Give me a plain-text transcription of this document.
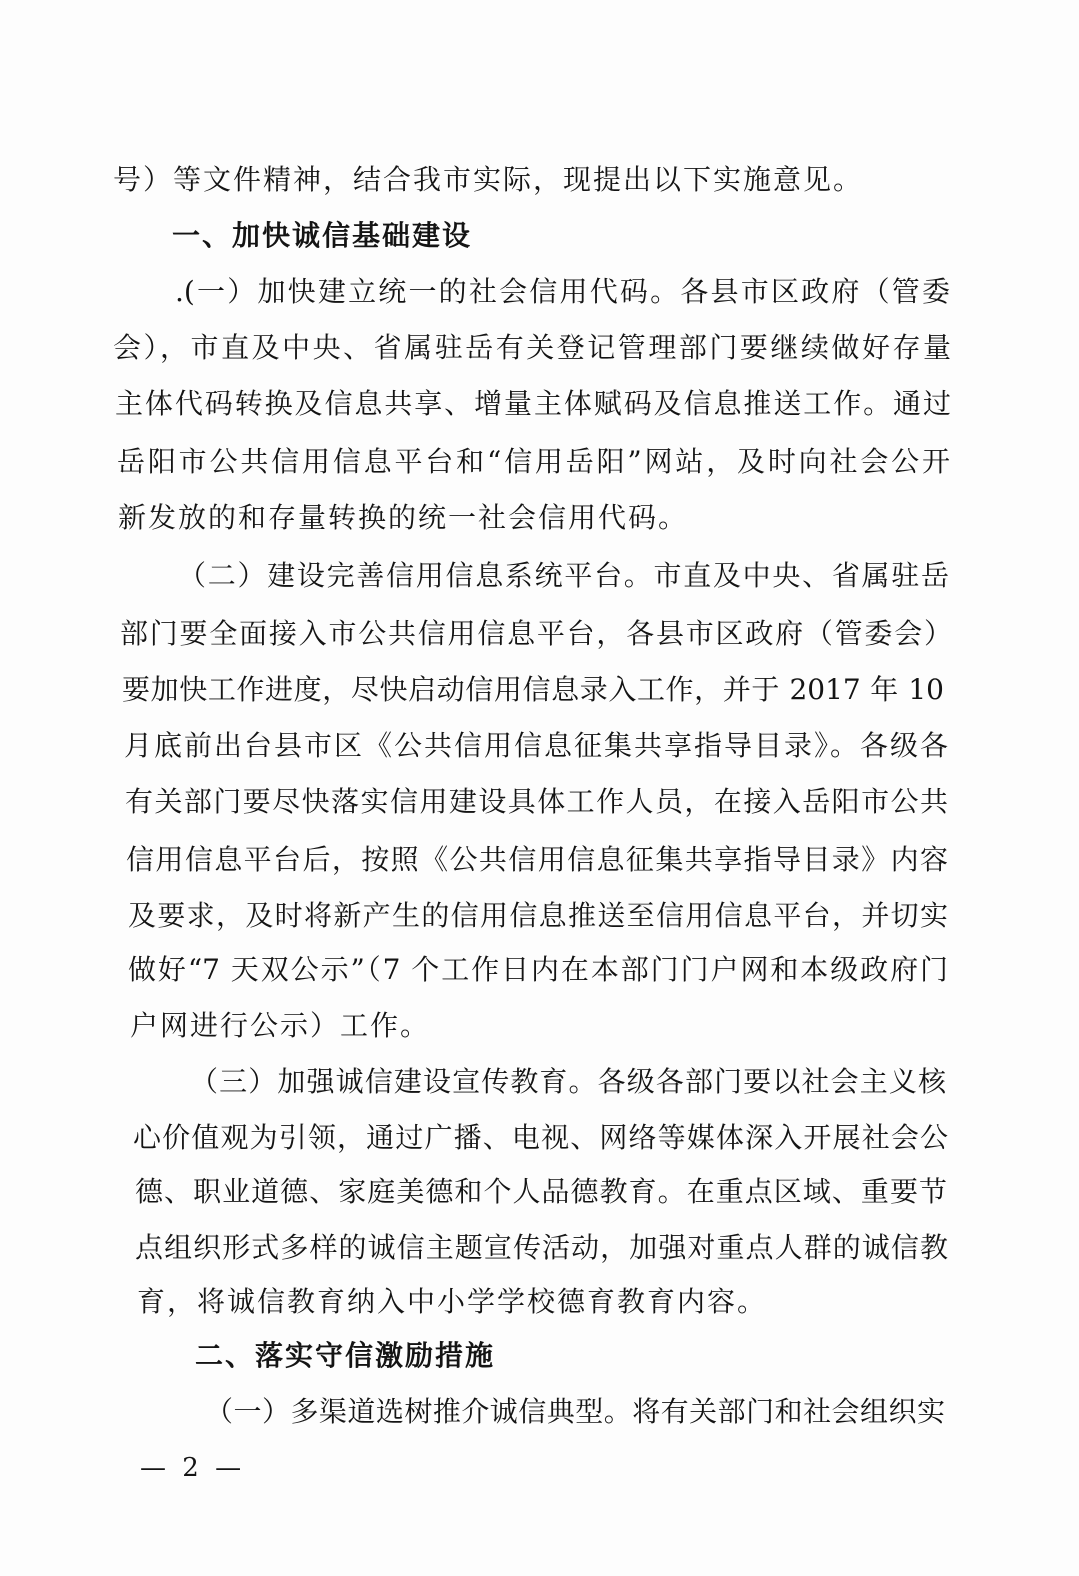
号）等文件精神，结合我市实际，现提出以下实施意见。
一、加快诚信基础建设
.(一）加快建立统一的社会信用代码。各县市区政府（管委
会），市直及中央、省属驻岳有关登记管理部门要继续做好存量
主体代码转换及信息共享、增量主体赋码及信息推送工作。通过
岳阳市公共信用信息平台和“信用岳阳”网站，及时向社会公开
新发放的和存量转换的统一社会信用代码。
（二）建设完善信用信息系统平台。市直及中央、省属驻岳
部门要全面接入市公共信用信息平台，各县市区政府（管委会）
要加快工作进度，尽快启动信用信息录入工作，并于 2017 年 10
月底前出台县市区《公共信用信息征集共享指导目录》。各级各
有关部门要尽快落实信用建设具体工作人员，在接入岳阳市公共
信用信息平台后，按照《公共信用信息征集共享指导目录》内容
及要求，及时将新产生的信用信息推送至信用信息平台，并切实
做好“7 天双公示”（7 个工作日内在本部门门户网和本级政府门
户网进行公示）工作。
（三）加强诚信建设宣传教育。各级各部门要以社会主义核
心价值观为引领，通过广播、电视、网络等媒体深入开展社会公
德、职业道德、家庭美德和个人品德教育。在重点区域、重要节
点组织形式多样的诚信主题宣传活动，加强对重点人群的诚信教
育，将诚信教育纳入中小学学校德育教育内容。
二、落实守信激励措施
（一）多渠道选树推介诚信典型。将有关部门和社会组织实
— 2 —
